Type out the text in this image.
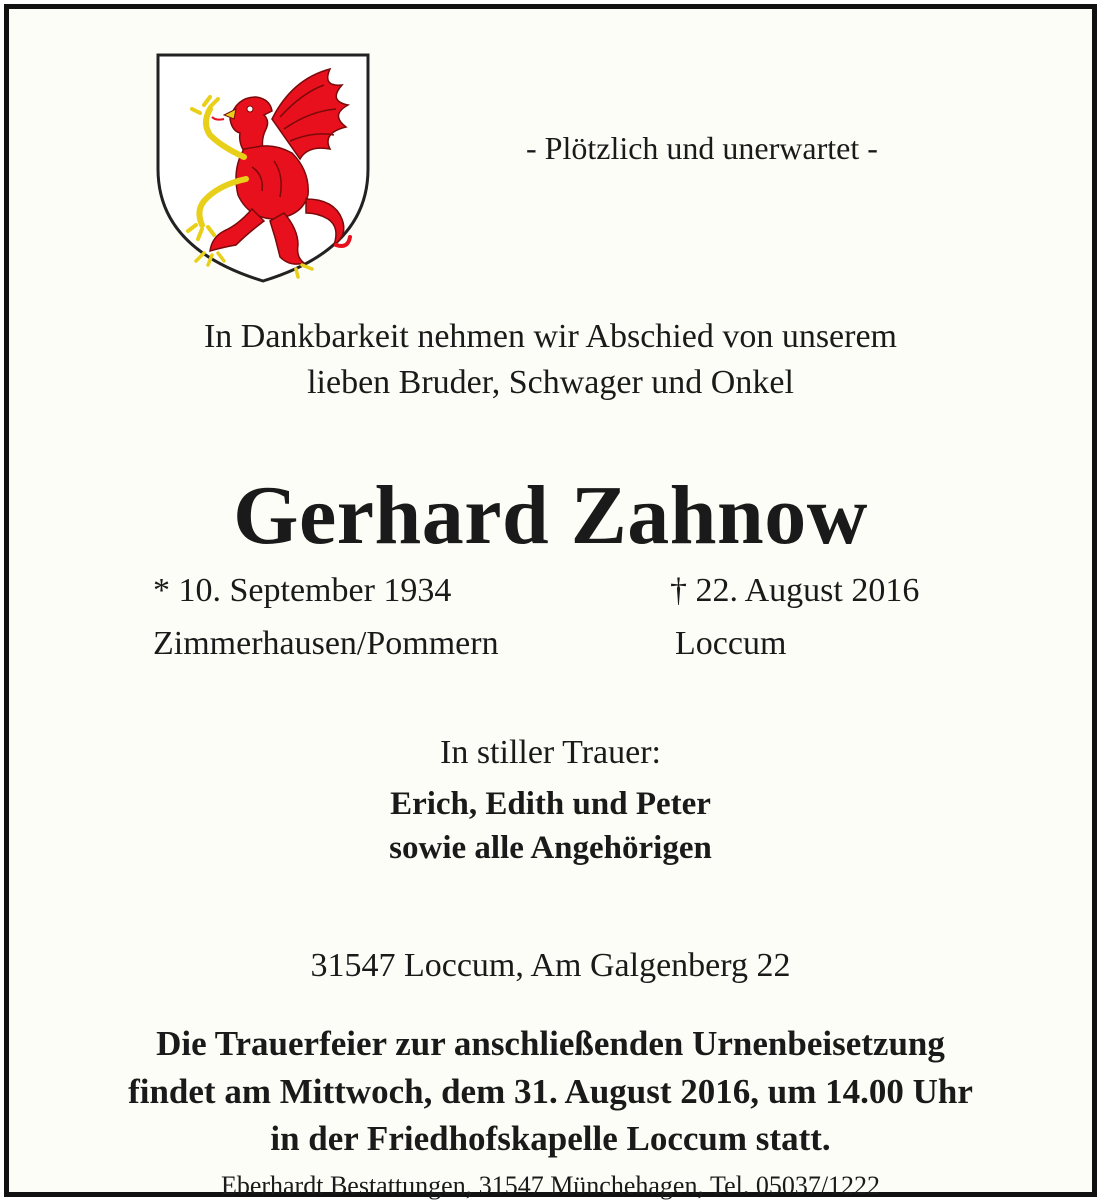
- Plötzlich und unerwartet -
In Dankbarkeit nehmen wir Abschied von unserem
lieben Bruder, Schwager und Onkel
Gerhard Zahnow
* 10. September 1934
Zimmerhausen/Pommern
† 22. August 2016
Loccum
In stiller Trauer:
Erich, Edith und Peter
sowie alle Angehörigen
31547 Loccum, Am Galgenberg 22
Die Trauerfeier zur anschließenden Urnenbeisetzung
findet am Mittwoch, dem 31. August 2016, um 14.00 Uhr
in der Friedhofskapelle Loccum statt.
Eberhardt Bestattungen, 31547 Münchehagen, Tel. 05037/1222
